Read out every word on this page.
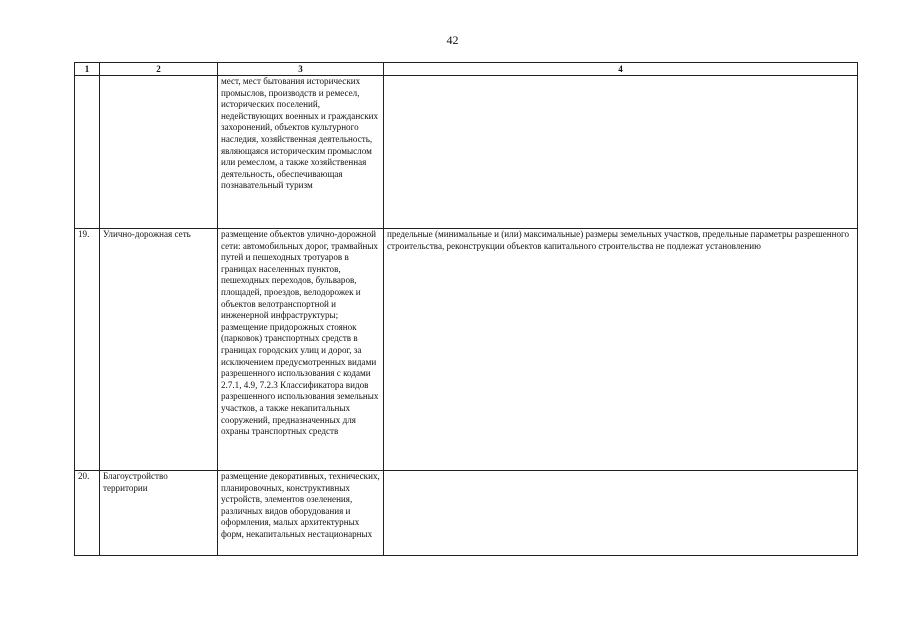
42
1	2	3	4
		мест, мест бытования исторических промыслов, производств и ремесел, исторических поселений, недействующих военных и гражданских захоронений, объектов культурного наследия, хозяйственная деятельность, являющаяся историческим промыслом или ремеслом, а также хозяйственная деятельность, обеспечивающая познавательный туризм	
19.	Улично-дорожная сеть	размещение объектов улично-дорожной сети: автомобильных дорог, трамвайных путей и пешеходных тротуаров в границах населенных пунктов, пешеходных переходов, бульваров, площадей, проездов, велодорожек и объектов велотранспортной и инженерной инфраструктуры; размещение придорожных стоянок (парковок) транспортных средств в границах городских улиц и дорог, за исключением предусмотренных видами разрешенного использования с кодами 2.7.1, 4.9, 7.2.3 Классификатора видов разрешенного использования земельных участков, а также некапитальных сооружений, предназначенных для охраны транспортных средств	предельные (минимальные и (или) максимальные) размеры земельных участков, предельные параметры разрешенного строительства, реконструкции объектов капитального строительства не подлежат установлению
20.	Благоустройство территории	размещение декоративных, технических, планировочных, конструктивных устройств, элементов озеленения, различных видов оборудования и оформления, малых архитектурных форм, некапитальных нестационарных	
